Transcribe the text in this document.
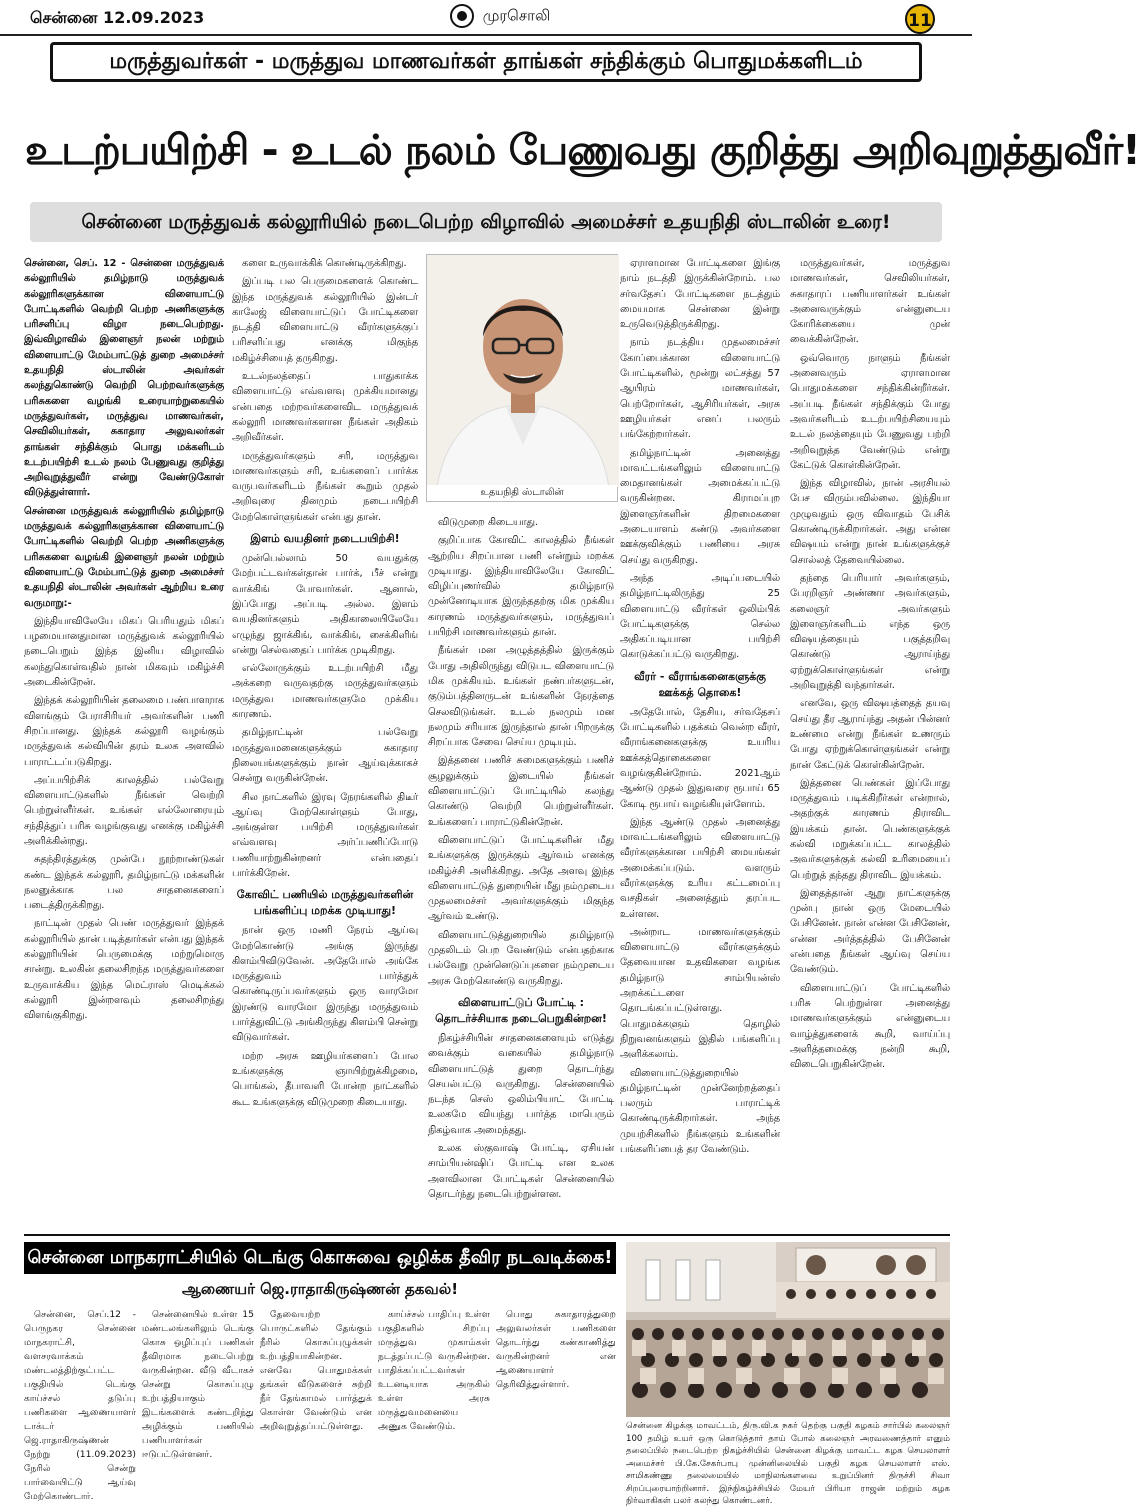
சென்னை 12.09.2023	முரசொலி	11
மருத்துவர்கள் - மருத்துவ மாணவர்கள் தாங்கள் சந்திக்கும் பொதுமக்களிடம்
உடற்பயிற்சி - உடல் நலம் பேணுவது குறித்து அறிவுறுத்துவீர்!
சென்னை மருத்துவக் கல்லூரியில் நடைபெற்ற விழாவில் அமைச்சர் உதயநிதி ஸ்டாலின் உரை!

சென்னை, செப். 12 - சென்னை மருத்துவக் கல்லூரியில் தமிழ்நாடு மருத்துவக் கல்லூரிகளுக்கான விளையாட்டு போட்டிகளில் வெற்றி பெற்ற அணிகளுக்கு பரிசளிப்பு விழா நடைபெற்றது. இவ்விழாவில் இளைஞர் நலன் மற்றும் விளையாட்டு மேம்பாட்டுத் துறை அமைச்சர் உதயநிதி ஸ்டாலின் அவர்கள் கலந்துகொண்டு வெற்றி பெற்றவர்களுக்கு பரிசுகளை வழங்கி உரையாற்றுகையில் மருத்துவர்கள், மருத்துவ மாணவர்கள், செவிலியர்கள், சுகாதார அலுவலர்கள் தாங்கள் சந்திக்கும் பொது மக்களிடம் உடற்பயிற்சி உடல் நலம் பேணுவது குறித்து அறிவுறுத்துவீர் என்று வேண்டுகோள் விடுத்துள்ளார்.

சென்னை மருத்துவக் கல்லூரியில் தமிழ்நாடு மருத்துவக் கல்லூரிகளுக்கான விளையாட்டு போட்டிகளில் வெற்றி பெற்ற அணிகளுக்கு பரிசுகளை வழங்கி இளைஞர் நலன் மற்றும் விளையாட்டு மேம்பாட்டுத் துறை அமைச்சர் உதயநிதி ஸ்டாலின் அவர்கள் ஆற்றிய உரை வருமாறு:-

இந்தியாவிலேயே மிகப் பெரியதும் மிகப் பழமையானதுமான மருத்துவக் கல்லூரியில் நடைபெறும் இந்த இனிய விழாவில் கலந்துகொள்வதில் நான் மிகவும் மகிழ்ச்சி அடைகின்றேன்.

இந்தக் கல்லூரியின் தலைமை பண்பாளராக விளங்கும் பேராசிரியர் அவர்களின் பணி சிறப்பானது. இந்தக் கல்லூரி வழங்கும் மருத்துவக் கல்வியின் தரம் உலக அளவில் பாராட்டப்படுகிறது.

அப்பயிற்சிக் காலத்தில் பல்வேறு விளையாட்டுகளில் நீங்கள் வெற்றி பெற்றுள்ளீர்கள். உங்கள் எல்லோரையும் சந்தித்துப் பரிசு வழங்குவது எனக்கு மகிழ்ச்சி அளிக்கின்றது.

சுதந்திரத்துக்கு முன்பே நூற்றாண்டுகள் கண்ட இந்தக் கல்லூரி, தமிழ்நாட்டு மக்களின் நலனுக்காக பல சாதனைகளைப் படைத்திருக்கிறது.

நாட்டின் முதல் பெண் மருத்துவர் இந்தக் கல்லூரியில் தான் படித்தார்கள் என்பது இந்தக் கல்லூரியின் பெருமைக்கு மற்றுமொரு சான்று. உலகின் தலைசிறந்த மருத்துவர்களை உருவாக்கிய இந்த மெட்ராஸ் மெடிக்கல் கல்லூரி இன்றளவும் தலைசிறந்து விளங்குகிறது.

களை உருவாக்கிக் கொண்டிருக்கிறது.

இப்படி பல பெருமைகளைக் கொண்ட இந்த மருத்துவக் கல்லூரியில் இன்டர் காலேஜ் விளையாட்டுப் போட்டிகளை நடத்தி விளையாட்டு வீரர்களுக்குப் பரிசளிப்பது எனக்கு மிகுந்த மகிழ்ச்சியைத் தருகிறது.

உடல்நலத்தைப் பாதுகாக்க விளையாட்டு எவ்வளவு முக்கியமானது என்பதை மற்றவர்களைவிட மருத்துவக் கல்லூரி மாணவர்களான நீங்கள் அதிகம் அறிவீர்கள்.

மருத்துவர்களும் சரி, மருத்துவ மாணவர்களும் சரி, உங்களைப் பார்க்க வருபவர்களிடம் நீங்கள் கூறும் முதல் அறிவுரை தினமும் நடைபயிற்சி மேற்கொள்ளுங்கள் என்பது தான்.

இளம் வயதினர் நடைபயிற்சி!

முன்பெல்லாம் 50 வயதுக்கு மேற்பட்டவர்கள்தான் பார்க், பீச் என்று வாக்கிங் போவார்கள். ஆனால், இப்போது அப்படி அல்ல. இளம் வயதினர்களும் அதிகாலையிலேயே எழுந்து ஜாக்கிங், வாக்கிங், சைக்கிளிங் என்று செல்வதைப் பார்க்க முடிகிறது.

எல்லோருக்கும் உடற்பயிற்சி மீது அக்கறை வருவதற்கு மருத்துவர்களும் மருத்துவ மாணவர்களுமே முக்கிய காரணம்.

தமிழ்நாட்டின் பல்வேறு மருத்துவமனைகளுக்கும் சுகாதார நிலையங்களுக்கும் நான் ஆய்வுக்காகச் சென்று வருகின்றேன்.

சில நாட்களில் இரவு நேரங்களில் திடீர் ஆய்வு மேற்கொள்ளும் போது, அங்குள்ள பயிற்சி மருத்துவர்கள் எவ்வளவு அர்ப்பணிப்போடு பணியாற்றுகின்றனர் என்பதைப் பார்க்கிறேன்.

கோவிட் பணியில் மருத்துவர்களின் பங்களிப்பு மறக்க முடியாது!

நான் ஒரு மணி நேரம் ஆய்வு மேற்கொண்டு அங்கு இருந்து கிளம்பிவிடுவேன். அதேபோல் அங்கே மருத்துவம் பார்த்துக் கொண்டிருப்பவர்களும் ஒரு வாரமோ இரண்டு வாரமோ இருந்து மருத்துவம் பார்த்துவிட்டு அங்கிருந்து கிளம்பி சென்று விடுவார்கள்.

மற்ற அரசு ஊழியர்களைப் போல உங்களுக்கு ஞாயிற்றுக்கிழமை, பொங்கல், தீபாவளி போன்ற நாட்களில் கூட உங்களுக்கு விடுமுறை கிடையாது.

உதயநிதி ஸ்டாலின்

விடுமுறை கிடையாது.

குறிப்பாக கோவிட் காலத்தில் நீங்கள் ஆற்றிய சிறப்பான பணி என்றும் மறக்க முடியாது. இந்தியாவிலேயே கோவிட் விழிப்புணர்வில் தமிழ்நாடு முன்னோடியாக இருந்ததற்கு மிக முக்கிய காரணம் மருத்துவர்களும், மருத்துவப் பயிற்சி மாணவர்களும் தான்.

நீங்கள் மன அழுத்தத்தில் இருக்கும் போது அதிலிருந்து விடுபட விளையாட்டு மிக முக்கியம். உங்கள் நண்பர்களுடன், குடும்பத்தினருடன் உங்களின் நேரத்தை செலவிடுங்கள். உடல் நலமும் மன நலமும் சரியாக இருந்தால் தான் பிறருக்கு சிறப்பாக சேவை செய்ய முடியும்.

இத்தனை பணிச் சுமைகளுக்கும் பணிச் சூழலுக்கும் இடையில் நீங்கள் விளையாட்டுப் போட்டியில் கலந்து கொண்டு வெற்றி பெற்றுள்ளீர்கள். உங்களைப் பாராட்டுகின்றேன்.

விளையாட்டுப் போட்டிகளின் மீது உங்களுக்கு இருக்கும் ஆர்வம் எனக்கு மகிழ்ச்சி அளிக்கிறது. அதே அளவு இந்த விளையாட்டுத் துறையின் மீது நம்முடைய முதலமைச்சர் அவர்களுக்கும் மிகுந்த ஆர்வம் உண்டு.

விளையாட்டுத்துறையில் தமிழ்நாடு முதலிடம் பெற வேண்டும் என்பதற்காக பல்வேறு முன்னெடுப்புகளை நம்முடைய அரசு மேற்கொண்டு வருகிறது.

விளையாட்டுப் போட்டி : தொடர்ச்சியாக நடைபெறுகின்றன!

நிகழ்ச்சியின் சாதனைகளையும் எடுத்து வைக்கும் வகையில் தமிழ்நாடு விளையாட்டுத் துறை தொடர்ந்து செயல்பட்டு வருகிறது. சென்னையில் நடந்த செஸ் ஒலிம்பியாட் போட்டி உலகமே வியந்து பார்த்த மாபெரும் நிகழ்வாக அமைந்தது.

உலக ஸ்குவாஷ் போட்டி, ஏசியன் சாம்பியன்ஷிப் போட்டி என உலக அளவிலான போட்டிகள் சென்னையில் தொடர்ந்து நடைபெற்றுள்ளன.

ஏராளமான போட்டிகளை இங்கு நாம் நடத்தி இருக்கின்றோம். பல சர்வதேசப் போட்டிகளை நடத்தும் மையமாக சென்னை இன்று உருவெடுத்திருக்கிறது.

நாம் நடத்திய முதலமைச்சர் கோப்பைக்கான விளையாட்டு போட்டிகளில், மூன்று லட்சத்து 57 ஆயிரம் மாணவர்கள், பெற்றோர்கள், ஆசிரியர்கள், அரசு ஊழியர்கள் எனப் பலரும் பங்கேற்றார்கள்.

தமிழ்நாட்டின் அனைத்து மாவட்டங்களிலும் விளையாட்டு மைதானங்கள் அமைக்கப்பட்டு வருகின்றன. கிராமப்புற இளைஞர்களின் திறமைகளை அடையாளம் கண்டு அவர்களை ஊக்குவிக்கும் பணியை அரசு செய்து வருகிறது.

அந்த அடிப்படையில் தமிழ்நாட்டிலிருந்து 25 விளையாட்டு வீரர்கள் ஒலிம்பிக் போட்டிகளுக்கு செல்ல அதிகப்படியான பயிற்சி கொடுக்கப்பட்டு வருகிறது.

வீரர் - வீராங்கனைகளுக்கு ஊக்கத் தொகை!

அதேபோல், தேசிய, சர்வதேசப் போட்டிகளில் பதக்கம் வென்ற வீரர், வீராங்கனைகளுக்கு உயரிய ஊக்கத்தொகைகளை வழங்குகின்றோம். 2021ஆம் ஆண்டு முதல் இதுவரை ரூபாய் 65 கோடி ரூபாய் வழங்கியுள்ளோம்.

இந்த ஆண்டு முதல் அனைத்து மாவட்டங்களிலும் விளையாட்டு வீரர்களுக்கான பயிற்சி மையங்கள் அமைக்கப்படும். வளரும் வீரர்களுக்கு உரிய கட்டமைப்பு வசதிகள் அனைத்தும் தரப்பட உள்ளன.

அன்றாட மாணவர்களுக்கும் விளையாட்டு வீரர்களுக்கும் தேவையான உதவிகளை வழங்க தமிழ்நாடு சாம்பியன்ஸ் அறக்கட்டளை தொடங்கப்பட்டுள்ளது. பொதுமக்களும் தொழில் நிறுவனங்களும் இதில் பங்களிப்பு அளிக்கலாம்.

விளையாட்டுத்துறையில் தமிழ்நாட்டின் முன்னேற்றத்தைப் பலரும் பாராட்டிக் கொண்டிருக்கிறார்கள். அந்த முயற்சிகளில் நீங்களும் உங்களின் பங்களிப்பைத் தர வேண்டும்.

மருத்துவர்கள், மருத்துவ மாணவர்கள், செவிலியர்கள், சுகாதாரப் பணியாளர்கள் உங்கள் அனைவருக்கும் என்னுடைய கோரிக்கையை முன் வைக்கின்றேன்.

ஒவ்வொரு நாளும் நீங்கள் அனைவரும் ஏராளமான பொதுமக்களை சந்திக்கின்றீர்கள். அப்படி நீங்கள் சந்திக்கும் போது அவர்களிடம் உடற்பயிற்சியையும் உடல் நலத்தையும் பேணுவது பற்றி அறிவுறுத்த வேண்டும் என்று கேட்டுக் கொள்கின்றேன்.

இந்த விழாவில், நான் அரசியல் பேச விரும்பவில்லை. இந்தியா முழுவதும் ஒரு விவாதம் பேசிக் கொண்டிருக்கிறார்கள். அது என்ன விஷயம் என்று நான் உங்களுக்குச் சொல்லத் தேவையில்லை.

தந்தை பெரியார் அவர்களும், பேரறிஞர் அண்ணா அவர்களும், கலைஞர் அவர்களும் இளைஞர்களிடம் எந்த ஒரு விஷயத்தையும் பகுத்தறிவு கொண்டு ஆராய்ந்து ஏற்றுக்கொள்ளுங்கள் என்று அறிவுறுத்தி வந்தார்கள்.

எனவே, ஒரு விஷயத்தைத் தயவு செய்து தீர ஆராய்ந்து அதன் பின்னர் உண்மை என்று நீங்கள் உணரும் போது ஏற்றுக்கொள்ளுங்கள் என்று நான் கேட்டுக் கொள்கின்றேன்.

இத்தனை பெண்கள் இப்போது மருத்துவம் படிக்கிறீர்கள் என்றால், அதற்குக் காரணம் திராவிட இயக்கம் தான். பெண்களுக்குக் கல்வி மறுக்கப்பட்ட காலத்தில் அவர்களுக்குக் கல்வி உரிமையைப் பெற்றுத் தந்தது திராவிட இயக்கம்.

இதைத்தான் ஆறு நாட்களுக்கு முன்பு நான் ஒரு மேடையில் பேசினேன். நான் என்ன பேசினேன், என்ன அர்த்தத்தில் பேசினேன் என்பதை நீங்கள் ஆய்வு செய்ய வேண்டும்.

விளையாட்டுப் போட்டிகளில் பரிசு பெற்றுள்ள அனைத்து மாணவர்களுக்கும் என்னுடைய வாழ்த்துகளைக் கூறி, வாய்ப்பு அளித்தமைக்கு நன்றி கூறி, விடைபெறுகின்றேன்.

சென்னை மாநகராட்சியில் டெங்கு கொசுவை ஒழிக்க தீவிர நடவடிக்கை!
ஆணையர் ஜெ.ராதாகிருஷ்ணன் தகவல்!

சென்னை, செப்.12 - பெருநகர சென்னை மாநகராட்சி, வளசரவாக்கம் மண்டலத்திற்குட்பட்ட பகுதியில் டெங்கு காய்ச்சல் தடுப்பு பணிகளை ஆணையாளர் டாக்டர் ஜெ.ராதாகிருஷ்ணன் நேற்று (11.09.2023) நேரில் சென்று பார்வையிட்டு ஆய்வு மேற்கொண்டார்.

சென்னையில் உள்ள 15 மண்டலங்களிலும் டெங்கு கொசு ஒழிப்புப் பணிகள் தீவிரமாக நடைபெற்று வருகின்றன. வீடு வீடாகச் சென்று கொசுப்புழு உற்பத்தியாகும் இடங்களைக் கண்டறிந்து அழிக்கும் பணியில் பணியாளர்கள் ஈடுபட்டுள்ளனர்.

தேவையற்ற பொருட்களில் தேங்கும் நீரில் கொசுப்புழுக்கள் உற்பத்தியாகின்றன. எனவே பொதுமக்கள் தங்கள் வீடுகளைச் சுற்றி நீர் தேங்காமல் பார்த்துக் கொள்ள வேண்டும் என அறிவுறுத்தப்பட்டுள்ளது.

காய்ச்சல் பாதிப்பு உள்ள பகுதிகளில் சிறப்பு மருத்துவ முகாம்கள் நடத்தப்பட்டு வருகின்றன. பாதிக்கப்பட்டவர்கள் உடனடியாக அருகில் உள்ள அரசு மருத்துவமனையை அணுக வேண்டும்.

பொது சுகாதாரத்துறை அலுவலர்கள் பணிகளை தொடர்ந்து கண்காணித்து வருகின்றனர் என ஆணையாளர் தெரிவித்துள்ளார்.

சென்னை கிழக்கு மாவட்டம், திரு.வி.க நகர் தெற்கு பகுதி கழகம் சார்பில் கலைஞர் 100 தமிழ் உயர் ஒரு கொடுத்தார் தாய் போல் கலைஞர் அரவணைத்தார் எனும் தலைப்பில் நடைபெற்ற நிகழ்ச்சியில் சென்னை கிழக்கு மாவட்ட கழக செயலாளர் அமைச்சர் பி.கே.சேகர்பாபு முன்னிலையில் பகுதி கழக செயலாளர் எஸ். சாமிகண்ணு தலைமையில் மாநிலங்களவை உறுப்பினர் திருச்சி சிவா சிறப்புரையாற்றினார். இந்நிகழ்ச்சியில் மேயர் பிரியா ராஜன் மற்றும் கழக நிர்வாகிகள் பலர் கலந்து கொண்டனர்.
